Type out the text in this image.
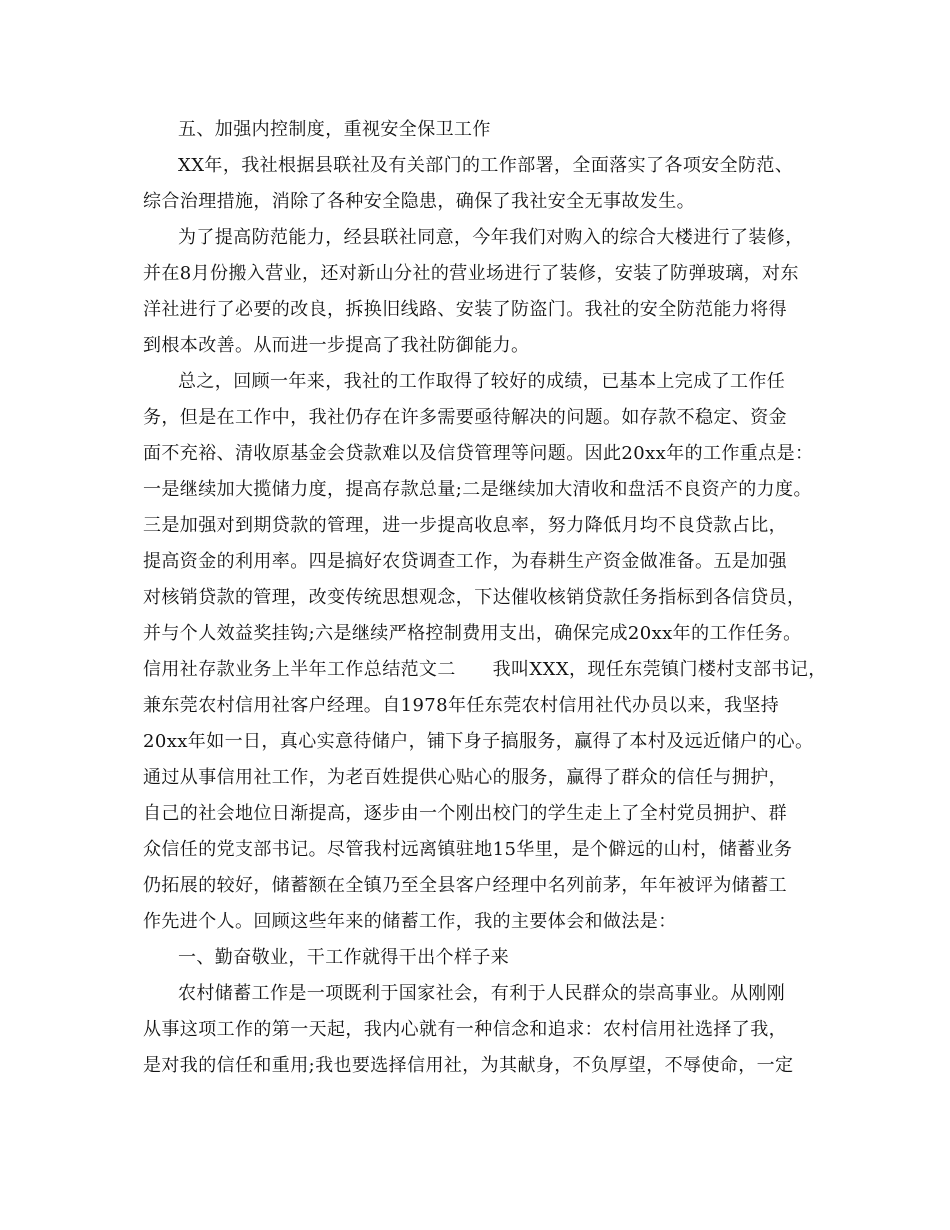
五、加强内控制度，重视安全保卫工作
XX年，我社根据县联社及有关部门的工作部署，全面落实了各项安全防范、
综合治理措施，消除了各种安全隐患，确保了我社安全无事故发生。
为了提高防范能力，经县联社同意，今年我们对购入的综合大楼进行了装修，
并在8月份搬入营业，还对新山分社的营业场进行了装修，安装了防弹玻璃，对东
洋社进行了必要的改良，拆换旧线路、安装了防盗门。我社的安全防范能力将得
到根本改善。从而进一步提高了我社防御能力。
总之，回顾一年来，我社的工作取得了较好的成绩，已基本上完成了工作任
务，但是在工作中，我社仍存在许多需要亟待解决的问题。如存款不稳定、资金
面不充裕、清收原基金会贷款难以及信贷管理等问题。因此20xx年的工作重点是：
一是继续加大揽储力度，提高存款总量;二是继续加大清收和盘活不良资产的力度。
三是加强对到期贷款的管理，进一步提高收息率，努力降低月均不良贷款占比，
提高资金的利用率。四是搞好农贷调查工作，为春耕生产资金做准备。五是加强
对核销贷款的管理，改变传统思想观念，下达催收核销贷款任务指标到各信贷员，
并与个人效益奖挂钩;六是继续严格控制费用支出，确保完成20xx年的工作任务。
信用社存款业务上半年工作总结范文二　　我叫XXX，现任东莞镇门楼村支部书记，
兼东莞农村信用社客户经理。自1978年任东莞农村信用社代办员以来，我坚持
20xx年如一日，真心实意待储户，铺下身子搞服务，赢得了本村及远近储户的心。
通过从事信用社工作，为老百姓提供心贴心的服务，赢得了群众的信任与拥护，
自己的社会地位日渐提高，逐步由一个刚出校门的学生走上了全村党员拥护、群
众信任的党支部书记。尽管我村远离镇驻地15华里，是个僻远的山村，储蓄业务
仍拓展的较好，储蓄额在全镇乃至全县客户经理中名列前茅，年年被评为储蓄工
作先进个人。回顾这些年来的储蓄工作，我的主要体会和做法是：
一、勤奋敬业，干工作就得干出个样子来
农村储蓄工作是一项既利于国家社会，有利于人民群众的崇高事业。从刚刚
从事这项工作的第一天起，我内心就有一种信念和追求：农村信用社选择了我，
是对我的信任和重用;我也要选择信用社，为其献身，不负厚望，不辱使命，一定
